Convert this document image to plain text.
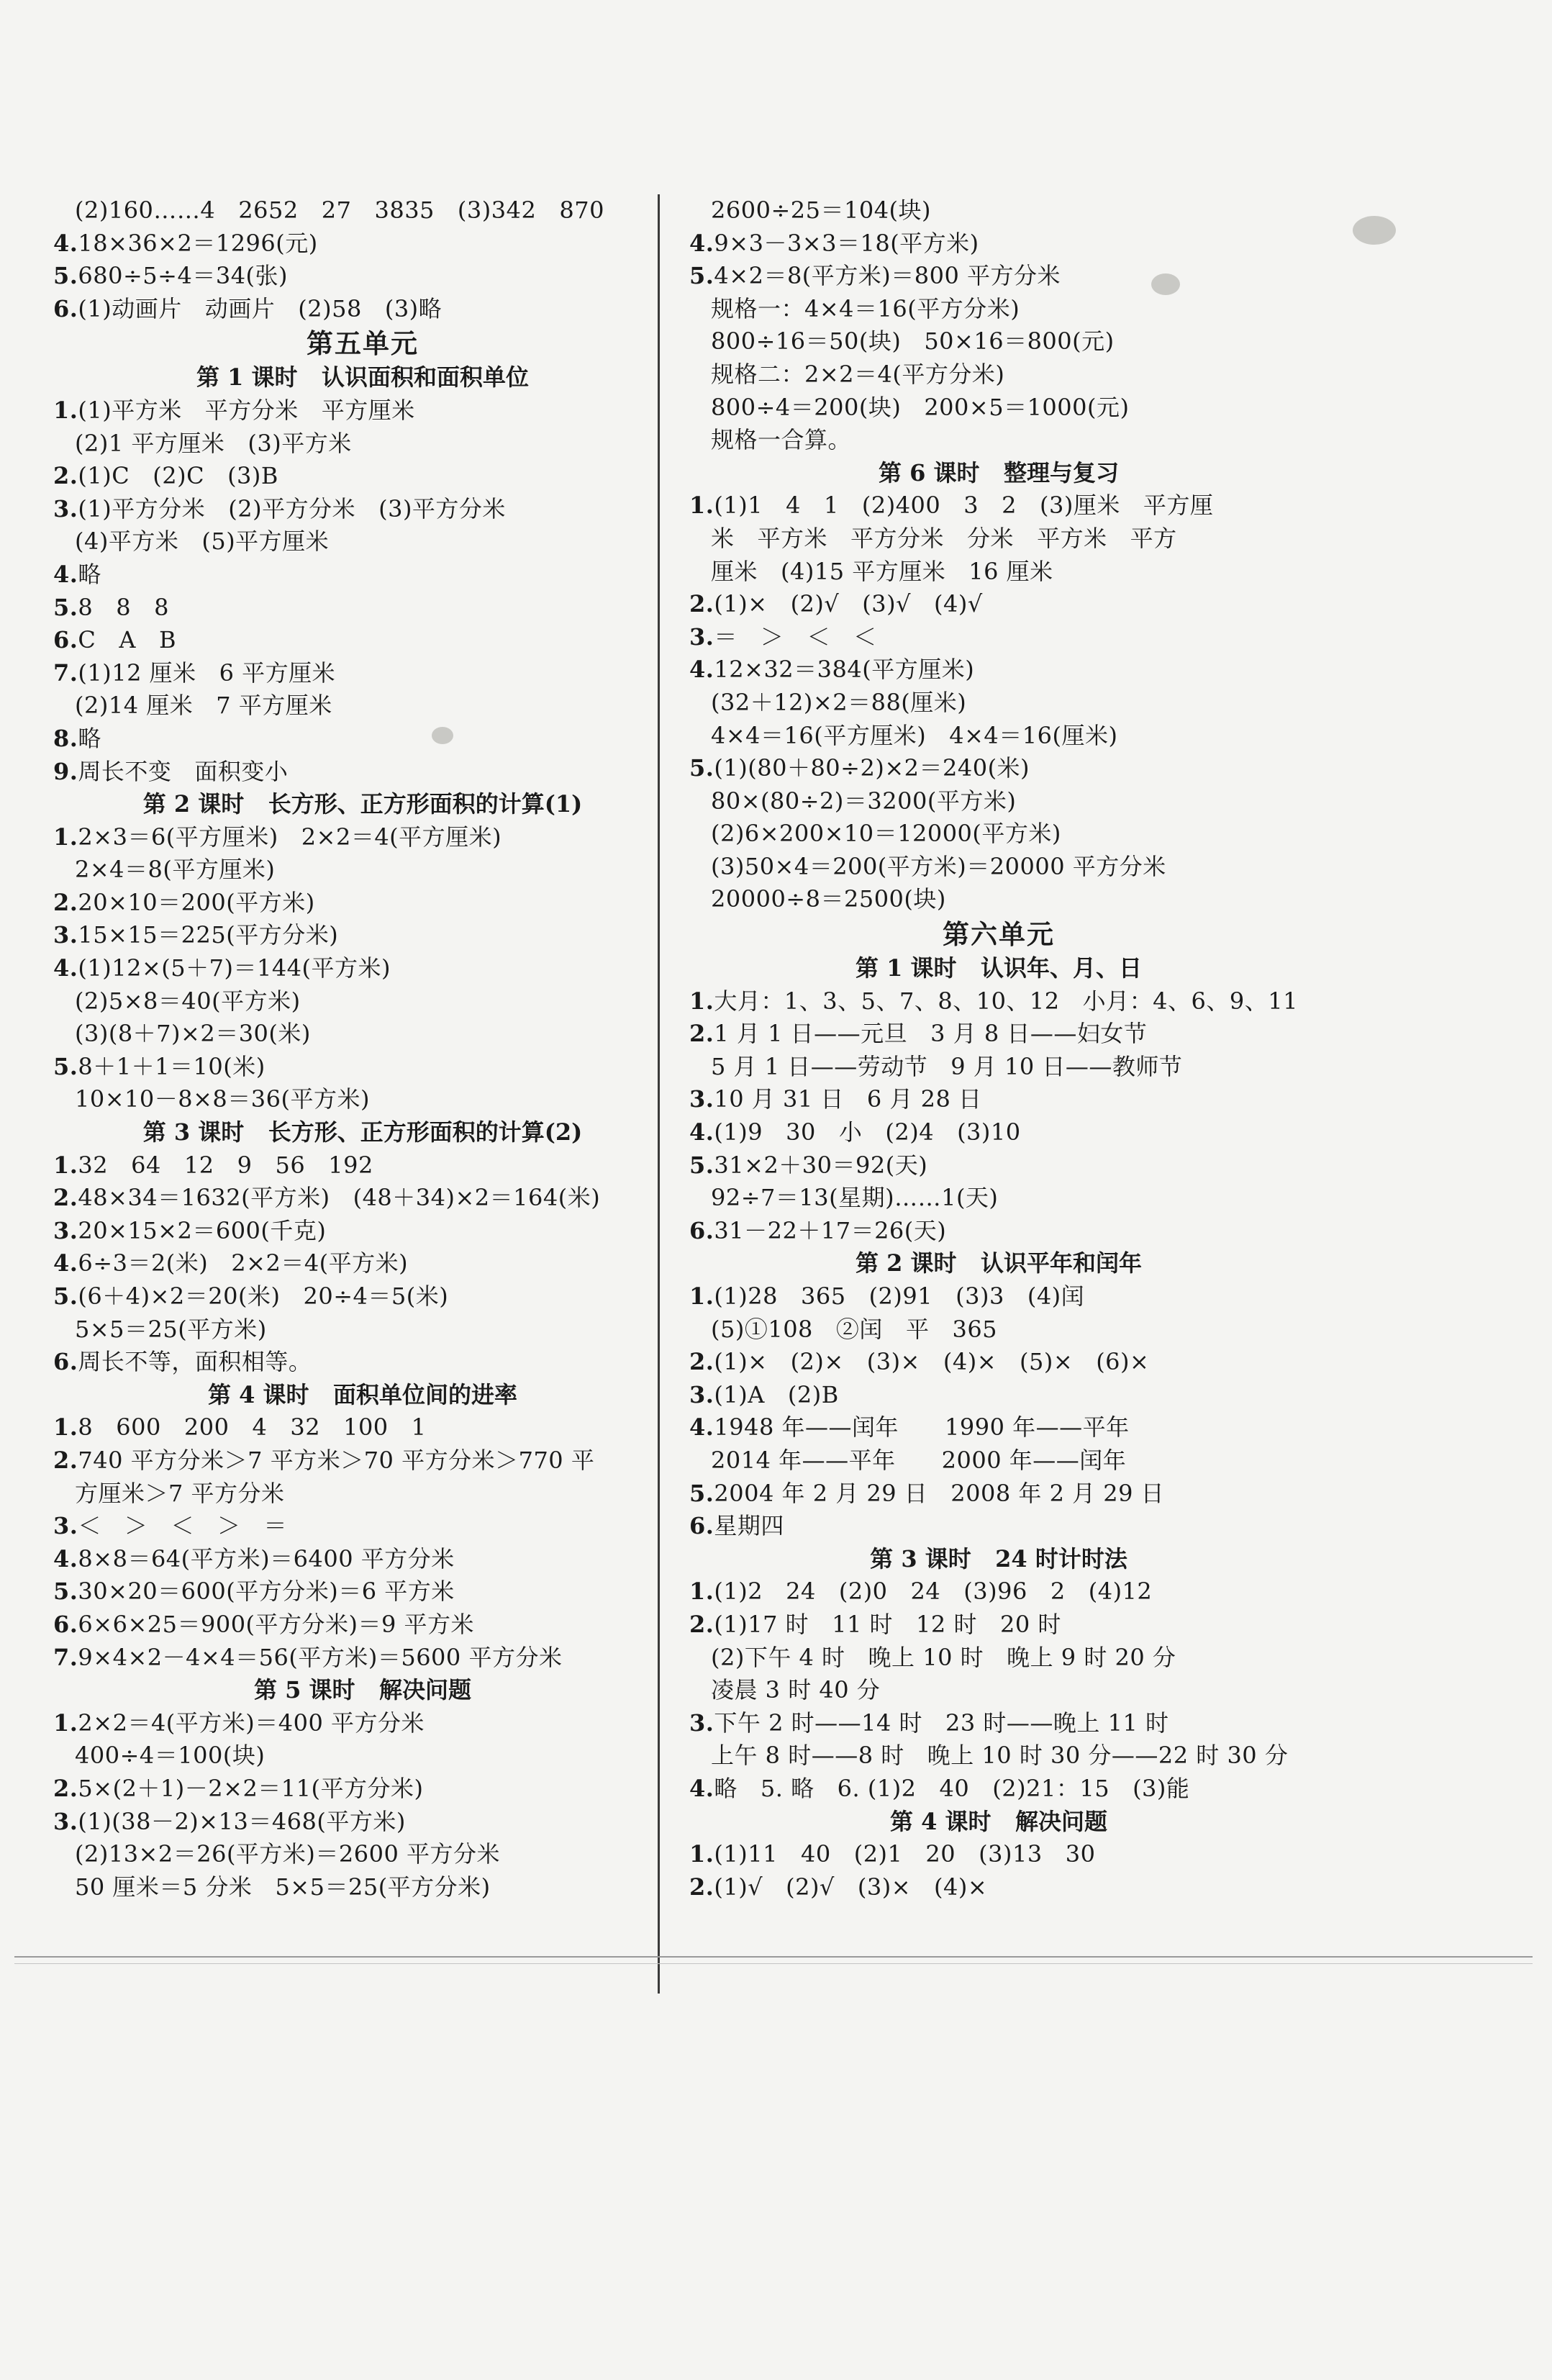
(2)160……4   2652   27   3835   (3)342   870
4.18×36×2＝1296(元)
5.680÷5÷4＝34(张)
6.(1)动画片   动画片   (2)58   (3)略
第五单元
第 1 课时   认识面积和面积单位
1.(1)平方米   平方分米   平方厘米
(2)1 平方厘米   (3)平方米
2.(1)C   (2)C   (3)B
3.(1)平方分米   (2)平方分米   (3)平方分米
(4)平方米   (5)平方厘米
4.略
5.8   8   8
6.C   A   B
7.(1)12 厘米   6 平方厘米
(2)14 厘米   7 平方厘米
8.略
9.周长不变   面积变小
第 2 课时   长方形、正方形面积的计算(1)
1.2×3＝6(平方厘米)   2×2＝4(平方厘米)
2×4＝8(平方厘米)
2.20×10＝200(平方米)
3.15×15＝225(平方分米)
4.(1)12×(5＋7)＝144(平方米)
(2)5×8＝40(平方米)
(3)(8＋7)×2＝30(米)
5.8＋1＋1＝10(米)
10×10－8×8＝36(平方米)
第 3 课时   长方形、正方形面积的计算(2)
1.32   64   12   9   56   192
2.48×34＝1632(平方米)   (48＋34)×2＝164(米)
3.20×15×2＝600(千克)
4.6÷3＝2(米)   2×2＝4(平方米)
5.(6＋4)×2＝20(米)   20÷4＝5(米)
5×5＝25(平方米)
6.周长不等，面积相等。
第 4 课时   面积单位间的进率
1.8   600   200   4   32   100   1
2.740 平方分米＞7 平方米＞70 平方分米＞770 平
方厘米＞7 平方分米
3.＜   ＞   ＜   ＞   ＝
4.8×8＝64(平方米)＝6400 平方分米
5.30×20＝600(平方分米)＝6 平方米
6.6×6×25＝900(平方分米)＝9 平方米
7.9×4×2－4×4＝56(平方米)＝5600 平方分米
第 5 课时   解决问题
1.2×2＝4(平方米)＝400 平方分米
400÷4＝100(块)
2.5×(2＋1)－2×2＝11(平方分米)
3.(1)(38－2)×13＝468(平方米)
(2)13×2＝26(平方米)＝2600 平方分米
50 厘米＝5 分米   5×5＝25(平方分米)
2600÷25＝104(块)
4.9×3－3×3＝18(平方米)
5.4×2＝8(平方米)＝800 平方分米
规格一：4×4＝16(平方分米)
800÷16＝50(块)   50×16＝800(元)
规格二：2×2＝4(平方分米)
800÷4＝200(块)   200×5＝1000(元)
规格一合算。
第 6 课时   整理与复习
1.(1)1   4   1   (2)400   3   2   (3)厘米   平方厘
米   平方米   平方分米   分米   平方米   平方
厘米   (4)15 平方厘米   16 厘米
2.(1)×   (2)√   (3)√   (4)√
3.＝   ＞   ＜   ＜
4.12×32＝384(平方厘米)
(32＋12)×2＝88(厘米)
4×4＝16(平方厘米)   4×4＝16(厘米)
5.(1)(80＋80÷2)×2＝240(米)
80×(80÷2)＝3200(平方米)
(2)6×200×10＝12000(平方米)
(3)50×4＝200(平方米)＝20000 平方分米
20000÷8＝2500(块)
第六单元
第 1 课时   认识年、月、日
1.大月：1、3、5、7、8、10、12   小月：4、6、9、11
2.1 月 1 日——元旦   3 月 8 日——妇女节
5 月 1 日——劳动节   9 月 10 日——教师节
3.10 月 31 日   6 月 28 日
4.(1)9   30   小   (2)4   (3)10
5.31×2＋30＝92(天)
92÷7＝13(星期)……1(天)
6.31－22＋17＝26(天)
第 2 课时   认识平年和闰年
1.(1)28   365   (2)91   (3)3   (4)闰
(5)①108   ②闰   平   365
2.(1)×   (2)×   (3)×   (4)×   (5)×   (6)×
3.(1)A   (2)B
4.1948 年——闰年      1990 年——平年
2014 年——平年      2000 年——闰年
5.2004 年 2 月 29 日   2008 年 2 月 29 日
6.星期四
第 3 课时   24 时计时法
1.(1)2   24   (2)0   24   (3)96   2   (4)12
2.(1)17 时   11 时   12 时   20 时
(2)下午 4 时   晚上 10 时   晚上 9 时 20 分
凌晨 3 时 40 分
3.下午 2 时——14 时   23 时——晚上 11 时
上午 8 时——8 时   晚上 10 时 30 分——22 时 30 分
4.略   5. 略   6. (1)2   40   (2)21：15   (3)能
第 4 课时   解决问题
1.(1)11   40   (2)1   20   (3)13   30
2.(1)√   (2)√   (3)×   (4)×
